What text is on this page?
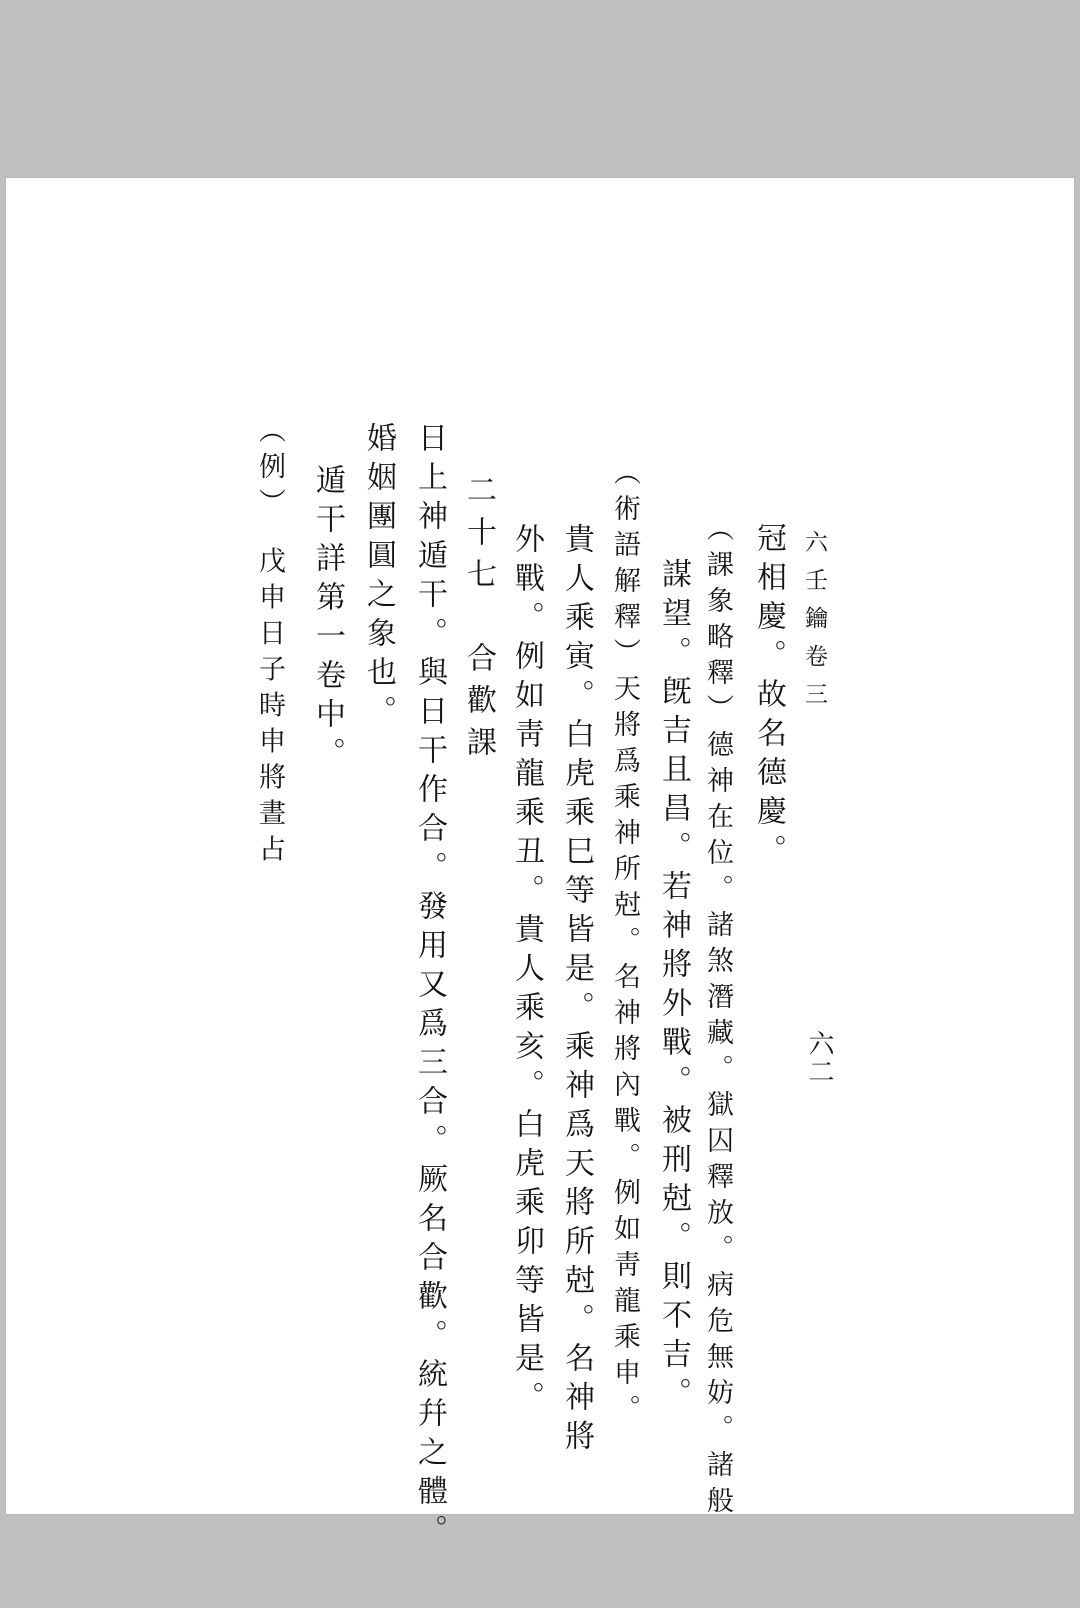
六壬鑰卷三
六二
冠相慶。故名德慶。
（課象略釋）德神在位。諸煞潛藏。獄囚釋放。病危無妨。諸般
謀望。旣吉且昌。若神將外戰。被刑尅。則不吉。
（術語解釋）天將爲乘神所尅。名神將內戰。例如靑龍乘申。
貴人乘寅。白虎乘巳等皆是。乘神爲天將所尅。名神將
外戰。例如靑龍乘丑。貴人乘亥。白虎乘卯等皆是。
二十七　合歡課
日上神遁干。與日干作合。發用又爲三合。厥名合歡。統幷之體。
婚姻團圓之象也。
遁干詳第一卷中。
（例）　戊申日子時申將晝占
